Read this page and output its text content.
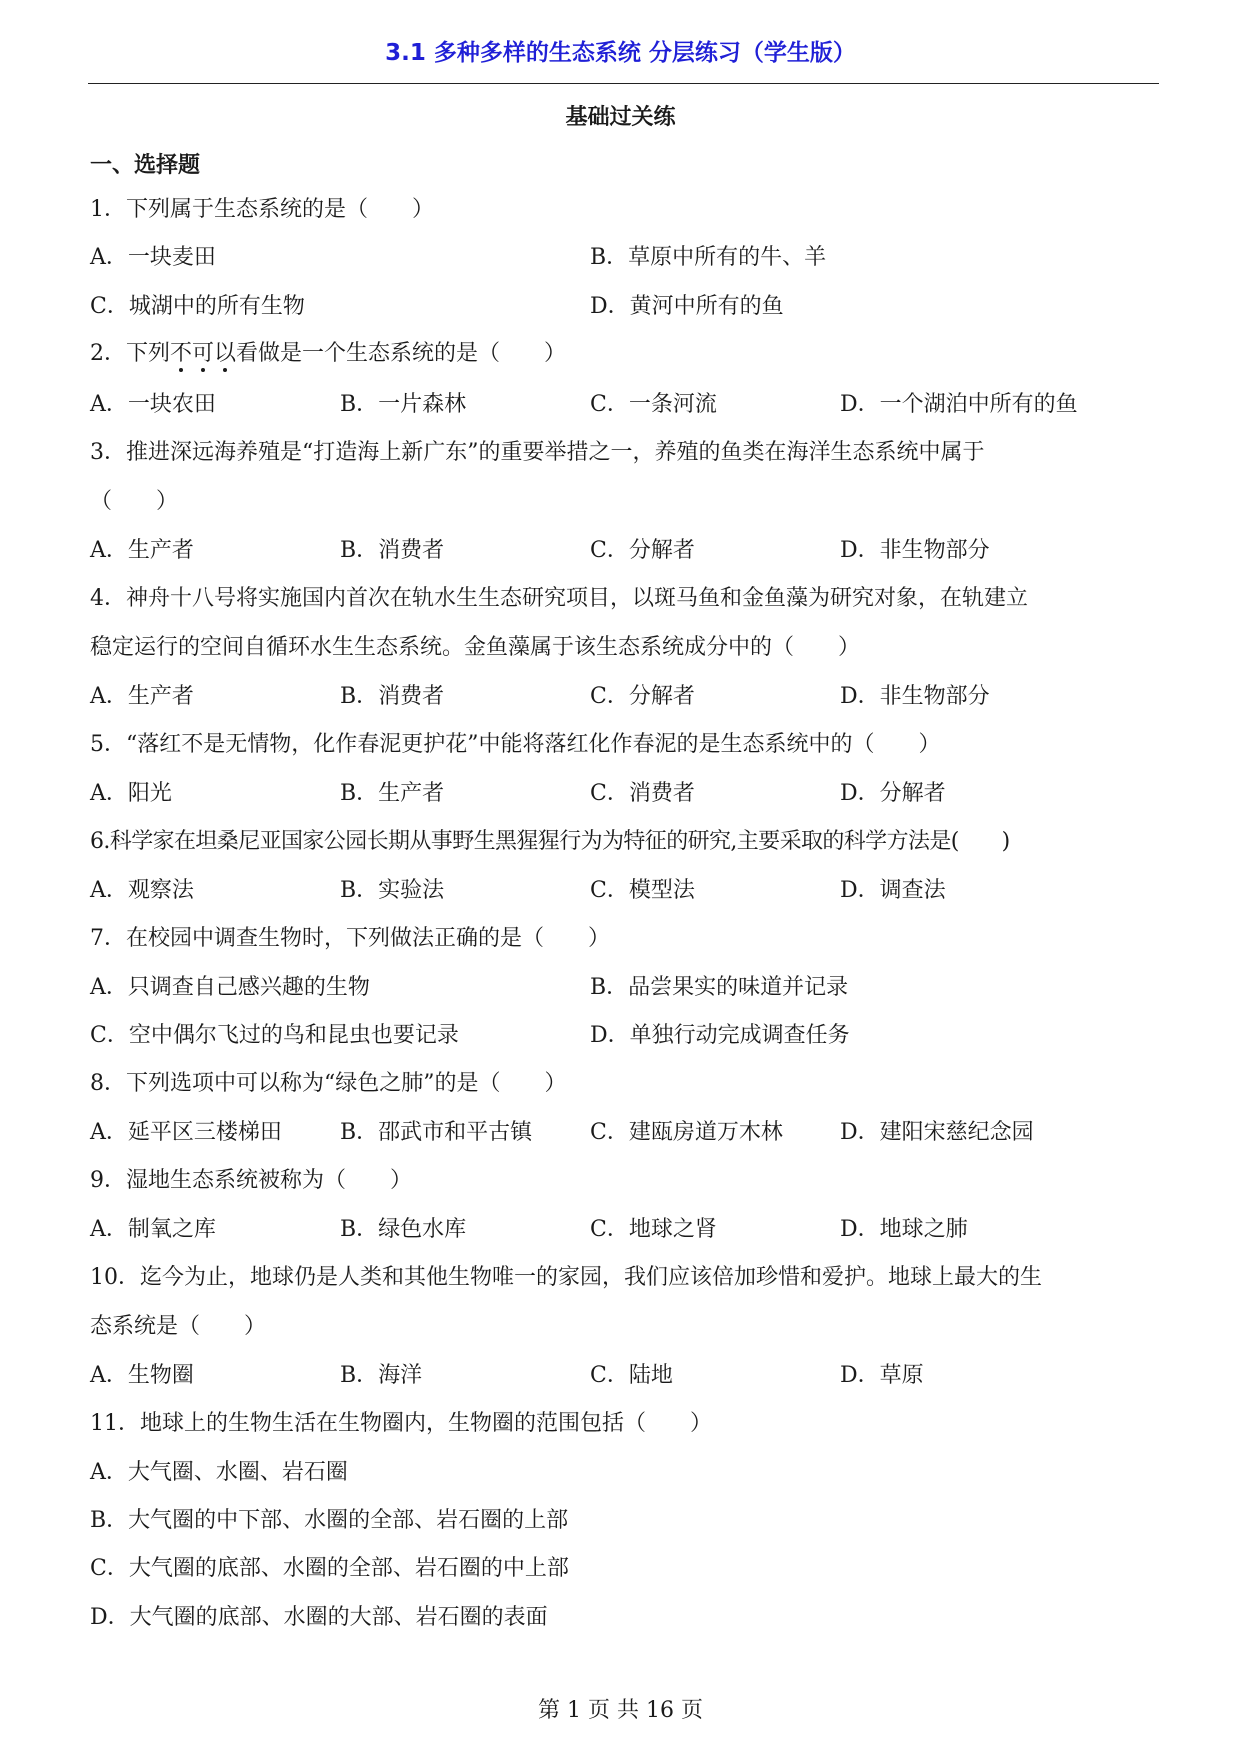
3.1 多种多样的生态系统 分层练习（学生版）
基础过关练
一、选择题
1．下列属于生态系统的是（　　）
A．一块麦田	B．草原中所有的牛、羊
C．城湖中的所有生物	D．黄河中所有的鱼
2．下列不可以看做是一个生态系统的是（　　）
A．一块农田	B．一片森林	C．一条河流	D．一个湖泊中所有的鱼
3．推进深远海养殖是“打造海上新广东”的重要举措之一，养殖的鱼类在海洋生态系统中属于
（　　）
A．生产者	B．消费者	C．分解者	D．非生物部分
4．神舟十八号将实施国内首次在轨水生生态研究项目，以斑马鱼和金鱼藻为研究对象，在轨建立
稳定运行的空间自循环水生生态系统。金鱼藻属于该生态系统成分中的（　　）
A．生产者	B．消费者	C．分解者	D．非生物部分
5．“落红不是无情物，化作春泥更护花”中能将落红化作春泥的是生态系统中的（　　）
A．阳光	B．生产者	C．消费者	D．分解者
6.科学家在坦桑尼亚国家公园长期从事野生黑猩猩行为为特征的研究,主要采取的科学方法是(　　)
A．观察法	B．实验法	C．模型法	D．调查法
7．在校园中调查生物时，下列做法正确的是（　　）
A．只调查自己感兴趣的生物	B．品尝果实的味道并记录
C．空中偶尔飞过的鸟和昆虫也要记录	D．单独行动完成调查任务
8．下列选项中可以称为“绿色之肺”的是（　　）
A．延平区三楼梯田	B．邵武市和平古镇	C．建瓯房道万木林	D．建阳宋慈纪念园
9．湿地生态系统被称为（　　）
A．制氧之库	B．绿色水库	C．地球之肾	D．地球之肺
10．迄今为止，地球仍是人类和其他生物唯一的家园，我们应该倍加珍惜和爱护。地球上最大的生
态系统是（　　）
A．生物圈	B．海洋	C．陆地	D．草原
11．地球上的生物生活在生物圈内，生物圈的范围包括（　　）
A．大气圈、水圈、岩石圈
B．大气圈的中下部、水圈的全部、岩石圈的上部
C．大气圈的底部、水圈的全部、岩石圈的中上部
D．大气圈的底部、水圈的大部、岩石圈的表面
第 1 页 共 16 页
